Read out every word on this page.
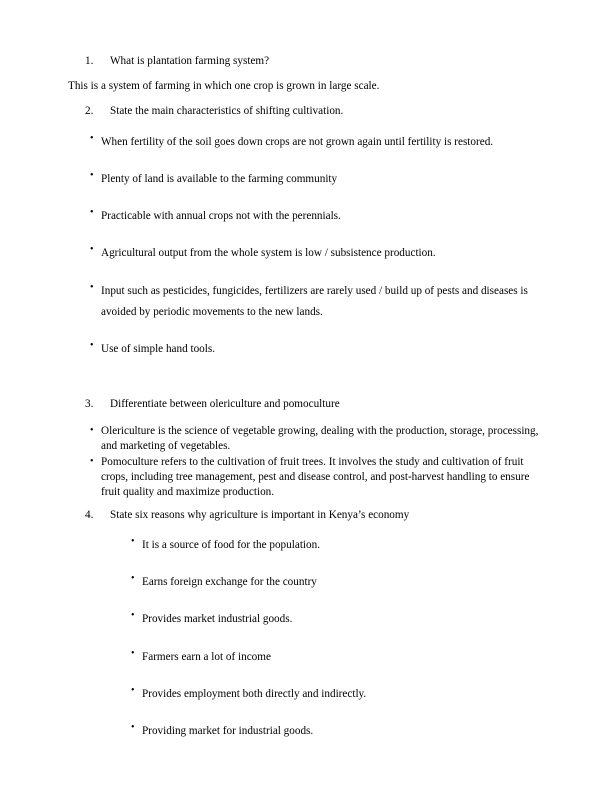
1.	What is plantation farming system?
This is a system of farming in which one crop is grown in large scale.
2.	State the main characteristics of shifting cultivation.
• When fertility of the soil goes down crops are not grown again until fertility is restored.
• Plenty of land is available to the farming community
• Practicable with annual crops not with the perennials.
• Agricultural output from the whole system is low / subsistence production.
• Input such as pesticides, fungicides, fertilizers are rarely used / build up of pests and diseases is avoided by periodic movements to the new lands.
• Use of simple hand tools.
3.	Differentiate between olericulture and pomoculture
• Olericulture is the science of vegetable growing, dealing with the production, storage, processing, and marketing of vegetables.
• Pomoculture refers to the cultivation of fruit trees. It involves the study and cultivation of fruit crops, including tree management, pest and disease control, and post-harvest handling to ensure fruit quality and maximize production.
4.	State six reasons why agriculture is important in Kenya’s economy
• It is a source of food for the population.
• Earns foreign exchange for the country
• Provides market industrial goods.
• Farmers earn a lot of income
• Provides employment both directly and indirectly.
• Providing market for industrial goods.
